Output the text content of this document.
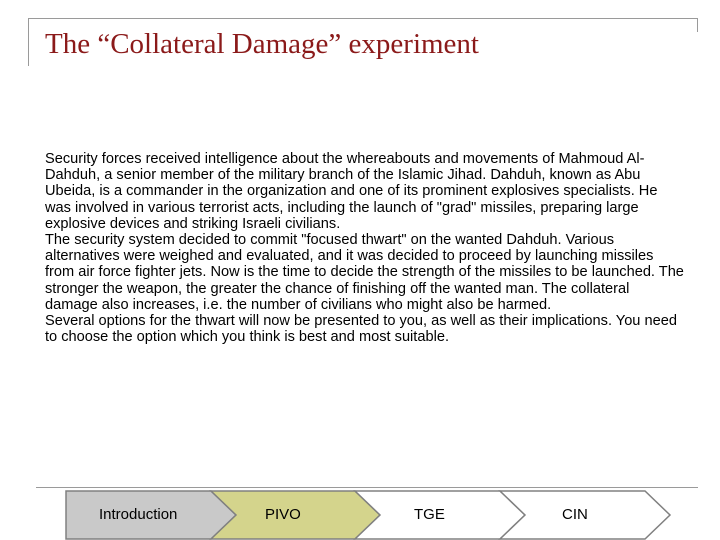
The “Collateral Damage” experiment

Security forces received intelligence about the whereabouts and movements of Mahmoud Al-Dahduh, a senior member of the military branch of the Islamic Jihad. Dahduh, known as Abu Ubeida, is a commander in the organization and one of its prominent explosives specialists. He was involved in various terrorist acts, including the launch of "grad" missiles, preparing large explosive devices and striking Israeli civilians.

The security system decided to commit "focused thwart" on the wanted Dahduh. Various alternatives were weighed and evaluated, and it was decided to proceed by launching missiles from air force fighter jets. Now is the time to decide the strength of the missiles to be launched. The stronger the weapon, the greater the chance of finishing off the wanted man. The collateral damage also increases, i.e. the number of civilians who might also be harmed.

Several options for the thwart will now be presented to you, as well as their implications. You need to choose the option which you think is best and most suitable.

Introduction	PIVO	TGE	CIN
